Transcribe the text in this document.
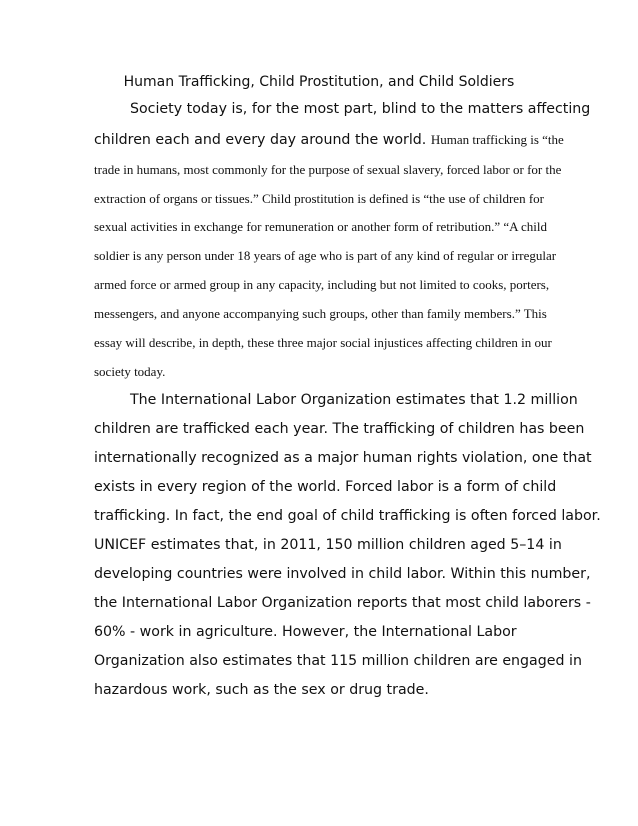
Human Trafficking, Child Prostitution, and Child Soldiers
Society today is, for the most part, blind to the matters affecting
children each and every day around the world. Human trafficking is “the
trade in humans, most commonly for the purpose of sexual slavery, forced labor or for the
extraction of organs or tissues.” Child prostitution is defined is “the use of children for
sexual activities in exchange for remuneration or another form of retribution.” “A child
soldier is any person under 18 years of age who is part of any kind of regular or irregular
armed force or armed group in any capacity, including but not limited to cooks, porters,
messengers, and anyone accompanying such groups, other than family members.” This
essay will describe, in depth, these three major social injustices affecting children in our
society today.
The International Labor Organization estimates that 1.2 million
children are trafficked each year. The trafficking of children has been
internationally recognized as a major human rights violation, one that
exists in every region of the world. Forced labor is a form of child
trafficking. In fact, the end goal of child trafficking is often forced labor.
UNICEF estimates that, in 2011, 150 million children aged 5–14 in
developing countries were involved in child labor. Within this number,
the International Labor Organization reports that most child laborers -
60% - work in agriculture. However, the International Labor
Organization also estimates that 115 million children are engaged in
hazardous work, such as the sex or drug trade.
